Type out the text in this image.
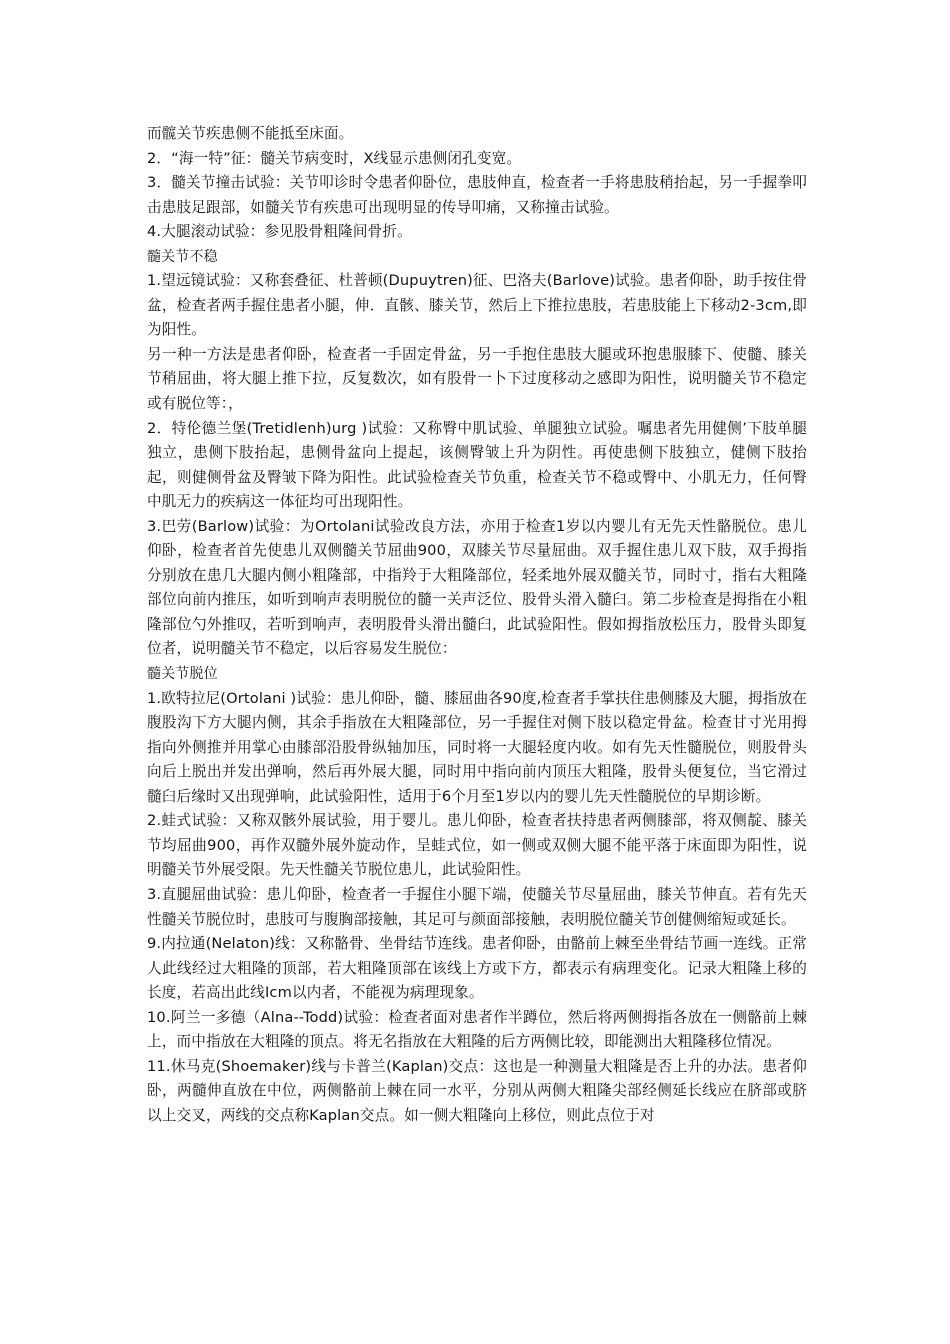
而髋关节疾患侧不能抵至床面。

2．“海一特”征：髓关节病变时，X线显示患侧闭孔变宽。

3．髓关节撞击试验：关节叩诊时令患者仰卧位，患肢伸直，检查者一手将患肢稍抬起，另一手握拳叩击患肢足跟部，如髓关节有疾患可出现明显的传导叩痛，又称撞击试验。

4.大腿滚动试验：参见股骨粗隆间骨折。

髓关节不稳

1.望远镜试验：又称套叠征、杜普顿(Dupuytren)征、巴洛夫(Barlove)试验。患者仰卧，助手按住骨盆，检查者两手握住患者小腿，伸．直骸、膝关节，然后上下推拉患肢，若患肢能上下移动2-3cm,即为阳性。

另一种一方法是患者仰卧，检查者一手固定骨盆，另一手抱住患肢大腿或环抱患服膝下、使髓、膝关节稍屈曲，将大腿上推下拉，反复数次，如有股骨一卜下过度移动之感即为阳性，说明髓关节不稳定或有脱位等：，

2．特伦德兰堡(Tretidlenh)urg )试验：又称臀中肌试验、单腿独立试验。嘱患者先用健侧’下肢单腿独立，患侧下肢抬起，患侧骨盆向上提起，该侧臀皱上升为阴性。再使患侧下肢独立，健侧下肢抬起，则健侧骨盆及臀皱下降为阳性。此试验检查关节负重，检查关节不稳或臀中、小肌无力，任何臀中肌无力的疾病这一体征均可出现阳性。

3.巴劳(Barlow)试验：为Ortolani试验改良方法，亦用于检查1岁以内婴儿有无先天性骼脱位。患儿仰卧，检查者首先使患儿双侧髓关节屈曲900，双膝关节尽量屈曲。双手握住患儿双下肢，双手拇指分别放在患几大腿内侧小粗隆部，中指羚于大粗隆部位，轻柔地外展双髓关节，同时寸，指右大粗隆部位向前内推压，如听到响声表明脱位的髓一关声泛位、股骨头滑入髓臼。第二步检查是拇指在小粗隆部位勺外推叹，若听到响声，表明股骨头滑出髓臼，此试验阳性。假如拇指放松压力，股骨头即复位者，说明髓关节不稳定，以后容易发生脱位：

髓关节脱位

1.欧特拉尼(Ortolani )试验：患儿仰卧，髓、膝屈曲各90度,检查者手掌扶住患侧膝及大腿，拇指放在腹股沟下方大腿内侧，其余手指放在大粗隆部位，另一手握住对侧下肢以稳定骨盆。检查甘寸光用拇指向外侧推并用掌心由膝部沿股骨纵轴加压，同时将一大腿轻度内收。如有先天性髓脱位，则股骨头向后上脱出并发出弹响，然后再外展大腿，同时用中指向前内顶压大粗隆，股骨头便复位，当它滑过髓臼后缘时又出现弹响，此试验阳性，适用于6个月至1岁以内的婴儿先天性髓脱位的早期诊断。

2.蛙式试验：又称双骸外展试验，用于婴儿。患儿仰卧，检查者扶持患者两侧膝部，将双侧靛、膝关节均屈曲900，再作双髓外展外旋动作，呈蛙式位，如一侧或双侧大腿不能平落于床面即为阳性，说明髓关节外展受限。先天性髓关节脱位患儿，此试验阳性。

3.直腿屈曲试验：患儿仰卧，检查者一手握住小腿下端，使髓关节尽量屈曲，膝关节伸直。若有先天性髓关节脱位时，患肢可与腹胸部接触，其足可与颜面部接触，表明脱位髓关节创健侧缩短或延长。

9.内拉通(Nelaton)线：又称骼骨、坐骨结节连线。患者仰卧，由骼前上棘至坐骨结节画一连线。正常人此线经过大粗隆的顶部，若大粗隆顶部在该线上方或下方，都表示有病理变化。记录大粗隆上移的长度，若高出此线Icm以内者，不能视为病理现象。

10.阿兰一多德（Alna--Todd)试验：检查者面对患者作半蹲位，然后将两侧拇指各放在一侧骼前上棘上，而中指放在大粗隆的顶点。将无名指放在大粗隆的后方两侧比较，即能测出大粗隆移位情况。

11.休马克(Shoemaker)线与卡普兰(Kaplan)交点：这也是一种测量大粗隆是否上升的办法。患者仰卧，两髓伸直放在中位，两侧骼前上棘在同一水平，分别从两侧大粗隆尖部经侧延长线应在脐部或脐以上交叉，两线的交点称Kaplan交点。如一侧大粗隆向上移位，则此点位于对
